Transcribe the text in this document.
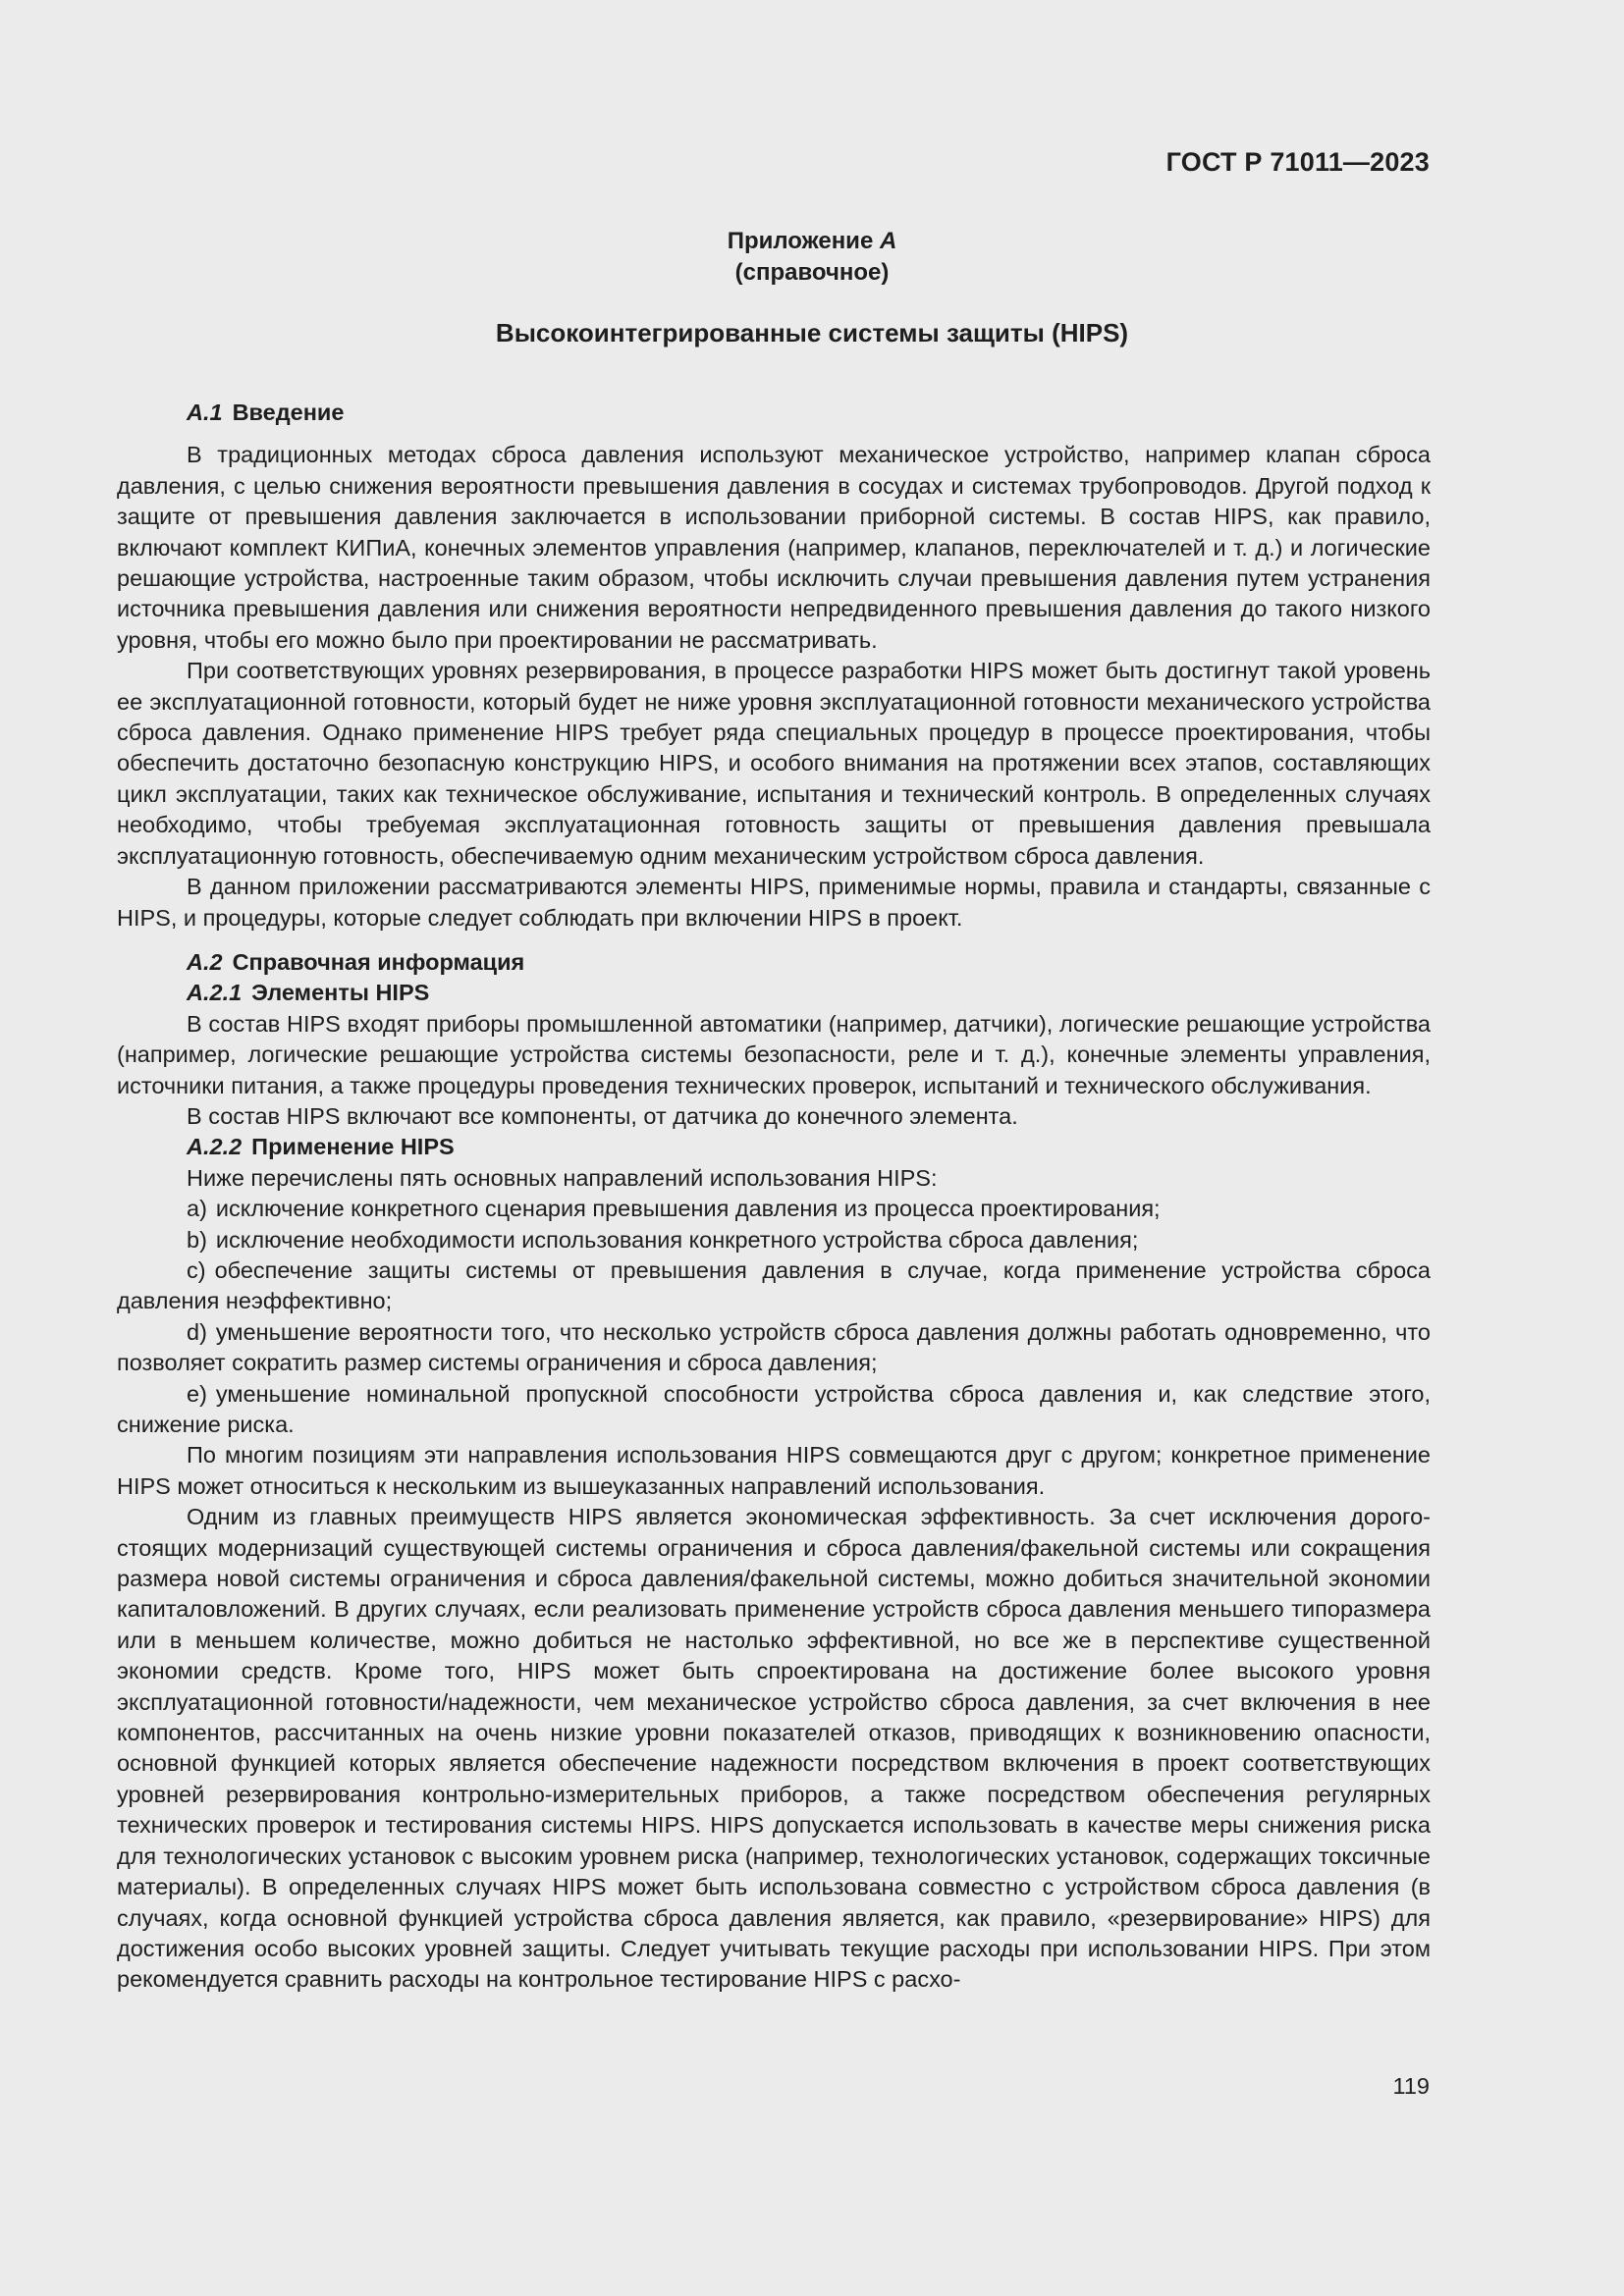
ГОСТ Р 71011—2023
Приложение А
(справочное)
Высокоинтегрированные системы защиты (HIPS)
А.1 Введение

В традиционных методах сброса давления используют механическое устройство, например клапан сброса давления, с целью снижения вероятности превышения давления в сосудах и системах трубопроводов. Другой подход к защите от превышения давления заключается в использовании приборной системы. В состав HIPS, как правило, включают комплект КИПиА, конечных элементов управления (например, клапанов, переключателей и т. д.) и логические решающие устройства, настроенные таким образом, чтобы исключить случаи превышения давления путем устранения источника превышения давления или снижения вероятности непредвиденного превышения давления до такого низкого уровня, чтобы его можно было при проектировании не рассматривать.

При соответствующих уровнях резервирования, в процессе разработки HIPS может быть достигнут такой уровень ее эксплуатационной готовности, который будет не ниже уровня эксплуатационной готовности механического устройства сброса давления. Однако применение HIPS требует ряда специальных процедур в процессе проектирования, чтобы обеспечить достаточно безопасную конструкцию HIPS, и особого внимания на протяжении всех этапов, составляющих цикл эксплуатации, таких как техническое обслуживание, испытания и технический контроль. В определенных случаях необходимо, чтобы требуемая эксплуатационная готовность защиты от превышения давления превышала эксплуатационную готовность, обеспечиваемую одним механическим устройством сброса давления.

В данном приложении рассматриваются элементы HIPS, применимые нормы, правила и стандарты, связанные с HIPS, и процедуры, которые следует соблюдать при включении HIPS в проект.

А.2 Справочная информация
А.2.1 Элементы HIPS

В состав HIPS входят приборы промышленной автоматики (например, датчики), логические решающие устройства (например, логические решающие устройства системы безопасности, реле и т. д.), конечные элементы управления, источники питания, а также процедуры проведения технических проверок, испытаний и технического обслуживания.

В состав HIPS включают все компоненты, от датчика до конечного элемента.

А.2.2 Применение HIPS

Ниже перечислены пять основных направлений использования HIPS:

a) исключение конкретного сценария превышения давления из процесса проектирования;

b) исключение необходимости использования конкретного устройства сброса давления;

c) обеспечение защиты системы от превышения давления в случае, когда применение устройства сброса давления неэффективно;

d) уменьшение вероятности того, что несколько устройств сброса давления должны работать одновременно, что позволяет сократить размер системы ограничения и сброса давления;

e) уменьшение номинальной пропускной способности устройства сброса давления и, как следствие этого, снижение риска.

По многим позициям эти направления использования HIPS совмещаются друг с другом; конкретное применение HIPS может относиться к нескольким из вышеуказанных направлений использования.

Одним из главных преимуществ HIPS является экономическая эффективность. За счет исключения дорогостоящих модернизаций существующей системы ограничения и сброса давления/факельной системы или сокращения размера новой системы ограничения и сброса давления/факельной системы, можно добиться значительной экономии капиталовложений. В других случаях, если реализовать применение устройств сброса давления меньшего типоразмера или в меньшем количестве, можно добиться не настолько эффективной, но все же в перспективе существенной экономии средств. Кроме того, HIPS может быть спроектирована на достижение более высокого уровня эксплуатационной готовности/надежности, чем механическое устройство сброса давления, за счет включения в нее компонентов, рассчитанных на очень низкие уровни показателей отказов, приводящих к возникновению опасности, основной функцией которых является обеспечение надежности посредством включения в проект соответствующих уровней резервирования контрольно-измерительных приборов, а также посредством обеспечения регулярных технических проверок и тестирования системы HIPS. HIPS допускается использовать в качестве меры снижения риска для технологических установок с высоким уровнем риска (например, технологических установок, содержащих токсичные материалы). В определенных случаях HIPS может быть использована совместно с устройством сброса давления (в случаях, когда основной функцией устройства сброса давления является, как правило, «резервирование» HIPS) для достижения особо высоких уровней защиты. Следует учитывать текущие расходы при использовании HIPS. При этом рекомендуется сравнить расходы на контрольное тестирование HIPS с расхо-

119
